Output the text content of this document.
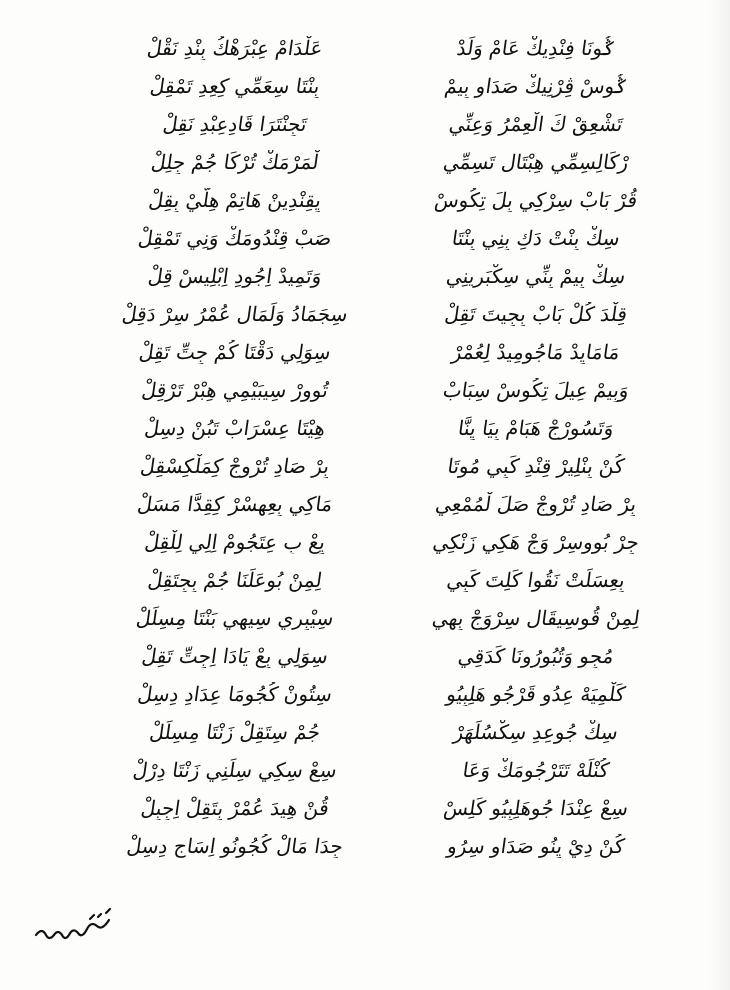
ݣُونَا فِنْدِيكْ عَامْ وَلَدْ
عَلْدَامْ عِبْرَهْكُ بِنْدِ نَقْلْ
ݣُوسْ ڤِرْنِيكْ صَدَاوِ بِيمْ
بِنْتَا سِعَمِّي كِعِدِ تَمْقِلْ
تَشْعِقْ كَ الْعِمْرُ وَعِنِّي
تَجِنْتَرَا قَادِعِبْدِ نَقِلْ
رْكَالِسِمِّي هِبْتَالِ تَسِمِّي
لْمَرْمَكْ تُرْكَا جُمْ جِلِلْ
قُرْ بَابْ سِرْكِي بِلَ تِكُوسْ
يِقِنْدِينْ هَاتِمْ هِلَّيْ بِقِلْ
سِكْ بِنْتْ دَكِ بِنِي بِنْتَا
صَبْ قِنْدُومَكْ وَنِي تَمْقِلْ
سِكْ بِيمْ بِنِّي سِكْبَرِينِي
وَتَمِيدْ اِجُودِ اِبْلِيسْ قِلْ
قِلْدَ كُلْ بَابْ بِجِيتَ تَقِلْ
سِجَمَادُ وَلَمَالِ عُمْرُ سِرْ دَقِلْ
مَامَايِدْ مَاجُومِيدْ لِعُمْرْ
سِوَلِي دَقْتَا كُمْ جِتِّ تَقِلْ
وَبِيمْ عِيلَ تِكُوسْ سِبَابْ
تُوورْ سِيبَيْمِي هِبْرْ تَرْقِلْ
وَتَسُورْجْ هَبَامْ بِيَا يِنَّا
هِيْتَا عِسْرَابْ تَبُنْ دِسِلْ
كُنْ بِنْلِيرْ قِنْدِ كَبِي مُوتَا
بِرْ صَادِ تُرْوِجْ كِمَلْكِسْقِلْ
بِرْ صَادِ تُرْوِجْ صَلَ لْمُمْعِي
مَاكِي بِعِهِسْرْ كِقِدَّا مَسَلْ
جِرْ بُووِسِرْ وَجْ هَكِي زَنْكِي
يِعْ بِ عِتَجُومْ اِلِي لِلْقِلْ
بِعِسَلَتْ نَقُوا كَلِتَ كَبِي
لِمِنْ بُوعَلَنَا جُمْ بِجِتَقِلْ
لِمِنْ قُوسِيقَالِ سِرْوَجْ بِهِي
سِيْبِرِي سِيهِي بَنْتَا مِسِلَلْ
مُجِو وَتُبُورُونَا كَدَقِي
سِوَلِي بِعْ يَادَا اِجِتِّ تَقِلْ
كَلْمِيَهْ عِدُو قَرْجُو هَلِبِيُو
سِتُونْ كُجُومَا عِدَادِ دِسِلْ
سِكْ جُوعِدِ سِكْسُلَهَرْ
جُمْ سِتَقِلْ زَنْتَا مِسِلَلْ
كُنْلَهْ تَتَرْجُومَكْ وَعَا
سِعْ سِكِي سِلَنِي زَنْتَا دِرْلْ
سِعْ عِنْدَا جُوهَلِبِيُو كَلِسْ
قُنْ هِيدَ عُمْرْ بِتَقِلْ اِجِبِلْ
كُنْ دِيْ يِنُو صَدَاوِ سِرُو
جِدَا مَالْ كُجُونُو اِسَاجِ دِسِلْ
